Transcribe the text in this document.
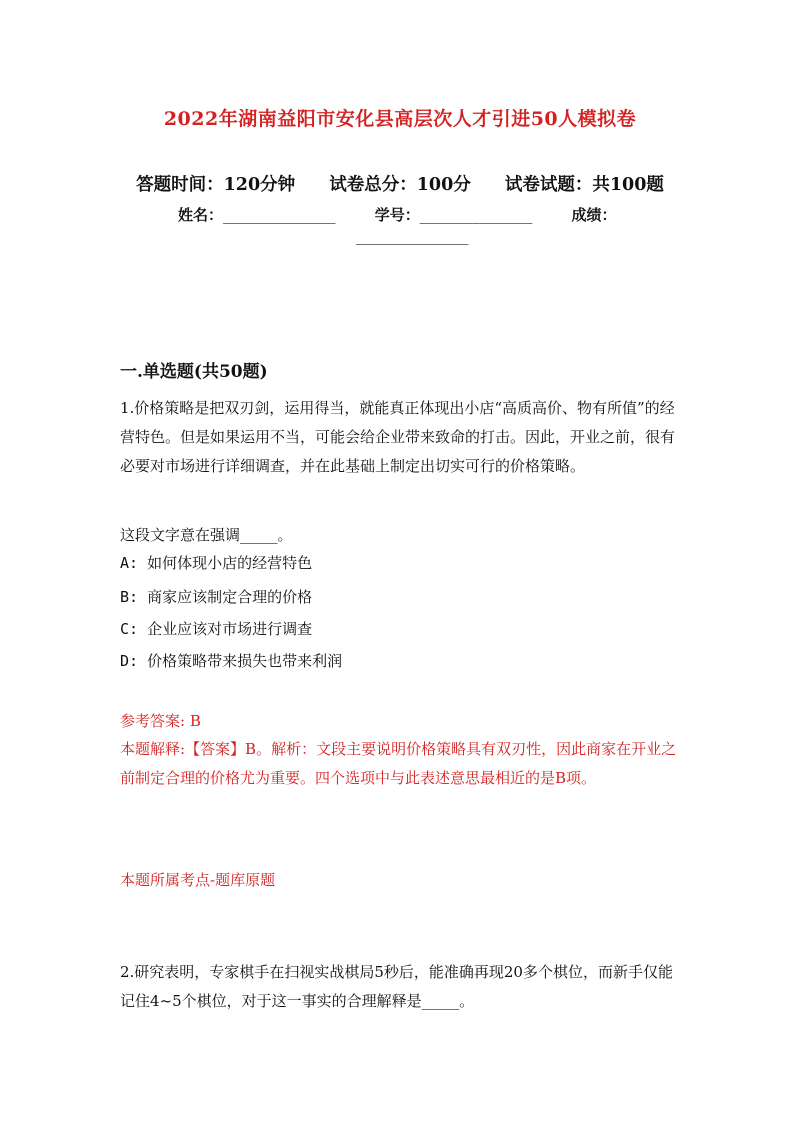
2022年湖南益阳市安化县高层次人才引进50人模拟卷
答题时间：120分钟 试卷总分：100分 试卷试题：共100题
姓名：_______________	学号：_______________	成绩：
_______________
一.单选题(共50题)
1.价格策略是把双刃剑，运用得当，就能真正体现出小店“高质高价、物有所值”的经营特色。但是如果运用不当，可能会给企业带来致命的打击。因此，开业之前，很有必要对市场进行详细调查，并在此基础上制定出切实可行的价格策略。
这段文字意在强调_____。
A: 如何体现小店的经营特色
B: 商家应该制定合理的价格
C: 企业应该对市场进行调查
D: 价格策略带来损失也带来利润
参考答案: B
本题解释:【答案】B。解析：文段主要说明价格策略具有双刃性，因此商家在开业之前制定合理的价格尤为重要。四个选项中与此表述意思最相近的是B项。
本题所属考点-题库原题
2.研究表明，专家棋手在扫视实战棋局5秒后，能准确再现20多个棋位，而新手仅能记住4~5个棋位，对于这一事实的合理解释是_____。
